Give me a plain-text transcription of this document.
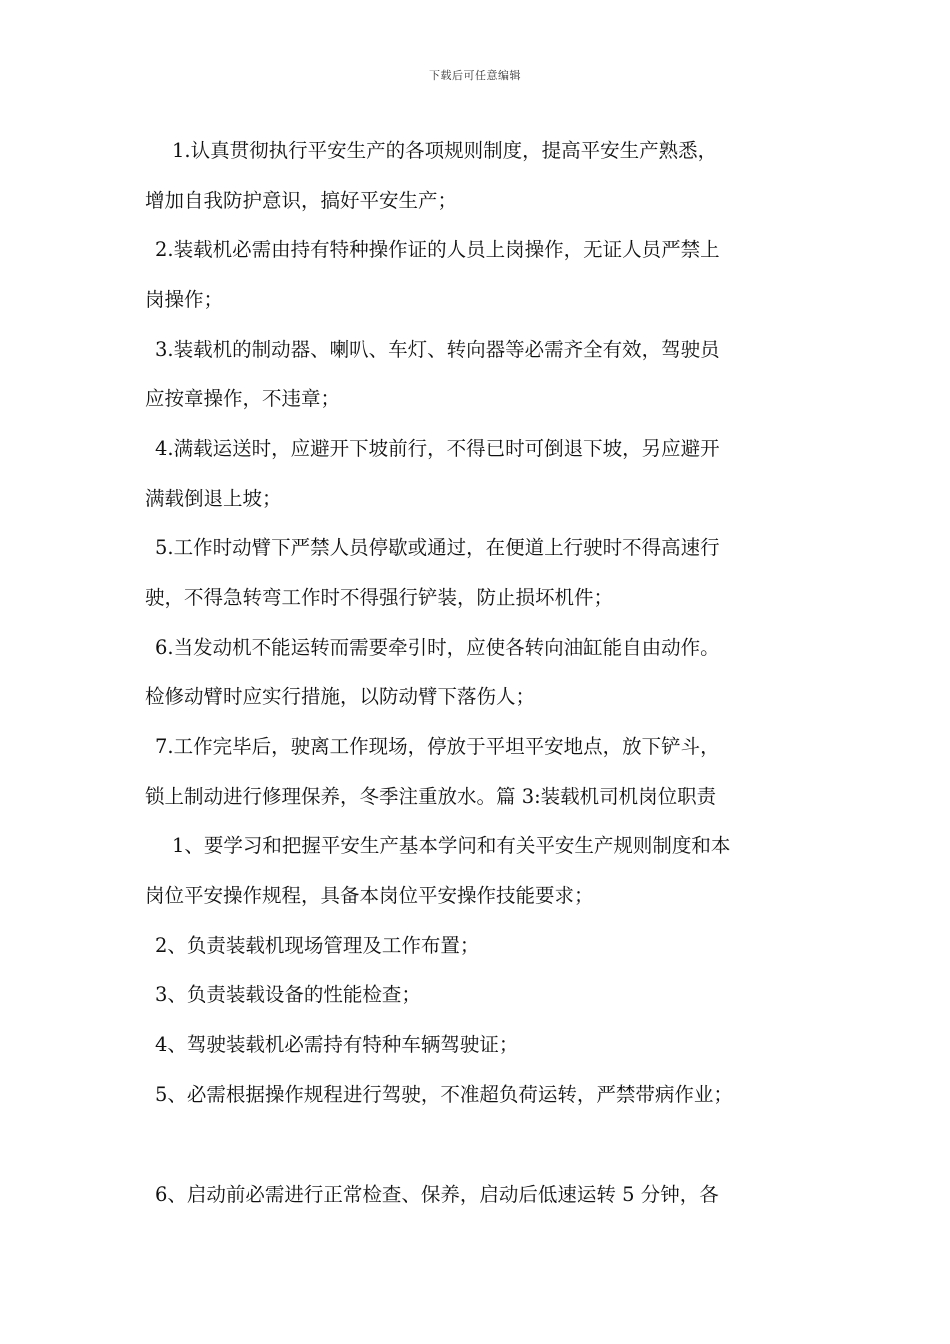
下载后可任意编辑
1.认真贯彻执行平安生产的各项规则制度，提高平安生产熟悉，
增加自我防护意识，搞好平安生产；
2.装载机必需由持有特种操作证的人员上岗操作，无证人员严禁上
岗操作；
3.装载机的制动器、喇叭、车灯、转向器等必需齐全有效，驾驶员
应按章操作，不违章；
4.满载运送时，应避开下坡前行，不得已时可倒退下坡，另应避开
满载倒退上坡；
5.工作时动臂下严禁人员停歇或通过，在便道上行驶时不得高速行
驶，不得急转弯工作时不得强行铲装，防止损坏机件；
6.当发动机不能运转而需要牵引时，应使各转向油缸能自由动作。
检修动臂时应实行措施，以防动臂下落伤人；
7.工作完毕后，驶离工作现场，停放于平坦平安地点，放下铲斗，
锁上制动进行修理保养，冬季注重放水。篇 3:装载机司机岗位职责
1、要学习和把握平安生产基本学问和有关平安生产规则制度和本
岗位平安操作规程，具备本岗位平安操作技能要求；
2、负责装载机现场管理及工作布置；
3、负责装载设备的性能检查；
4、驾驶装载机必需持有特种车辆驾驶证；
5、必需根据操作规程进行驾驶，不准超负荷运转，严禁带病作业；
6、启动前必需进行正常检查、保养，启动后低速运转 5 分钟，各
